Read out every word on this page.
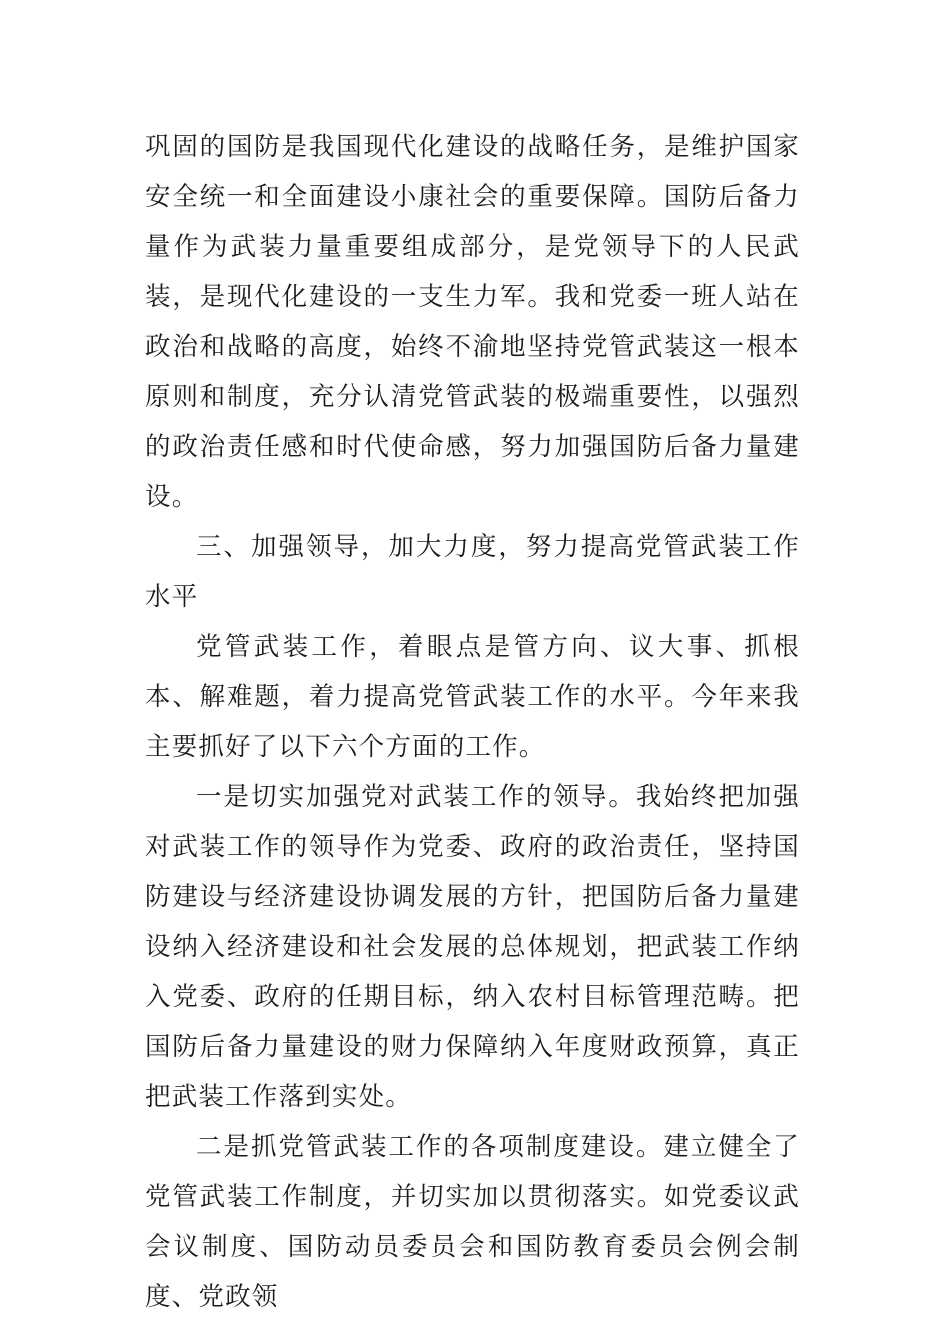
巩固的国防是我国现代化建设的战略任务，是维护国家安全统一和全面建设小康社会的重要保障。国防后备力量作为武装力量重要组成部分，是党领导下的人民武装，是现代化建设的一支生力军。我和党委一班人站在政治和战略的高度，始终不渝地坚持党管武装这一根本原则和制度，充分认清党管武装的极端重要性，以强烈的政治责任感和时代使命感，努力加强国防后备力量建设。

三、加强领导，加大力度，努力提高党管武装工作水平

党管武装工作，着眼点是管方向、议大事、抓根本、解难题，着力提高党管武装工作的水平。今年来我主要抓好了以下六个方面的工作。

一是切实加强党对武装工作的领导。我始终把加强对武装工作的领导作为党委、政府的政治责任，坚持国防建设与经济建设协调发展的方针，把国防后备力量建设纳入经济建设和社会发展的总体规划，把武装工作纳入党委、政府的任期目标，纳入农村目标管理范畴。把国防后备力量建设的财力保障纳入年度财政预算，真正把武装工作落到实处。

二是抓党管武装工作的各项制度建设。建立健全了党管武装工作制度，并切实加以贯彻落实。如党委议武会议制度、国防动员委员会和国防教育委员会例会制度、党政领
